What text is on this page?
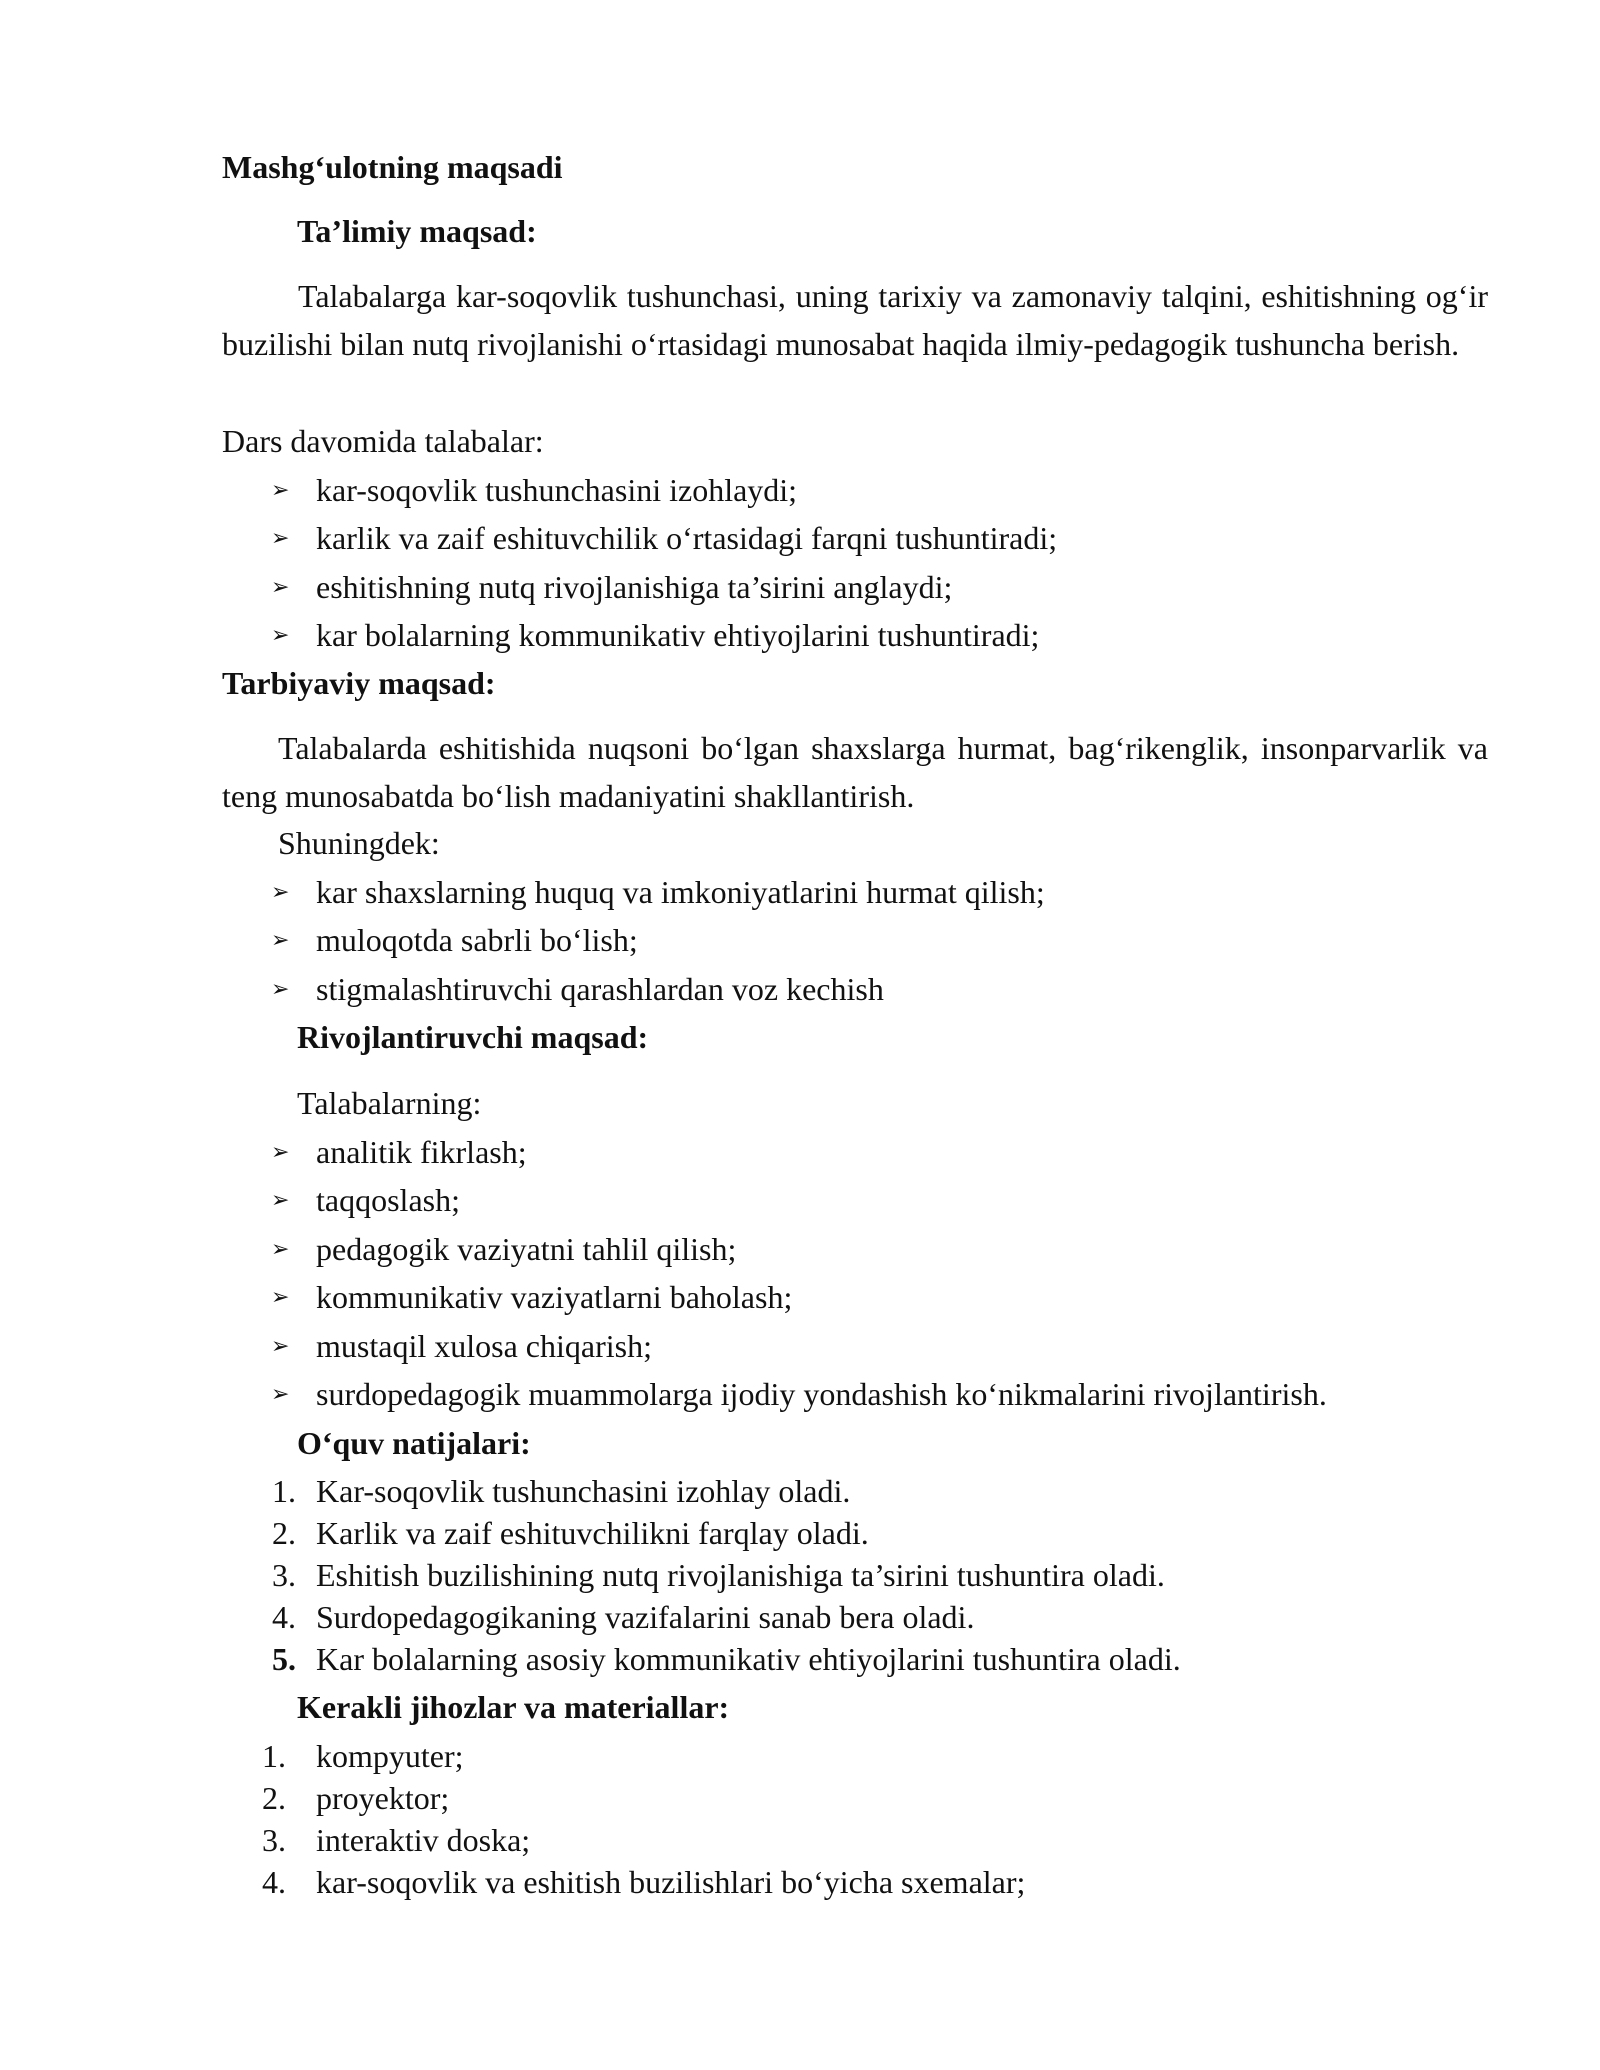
Mashg‘ulotning maqsadi
Ta’limiy maqsad:

Talabalarga kar-soqovlik tushunchasi, uning tarixiy va zamonaviy talqini, eshitishning og‘ir buzilishi bilan nutq rivojlanishi o‘rtasidagi munosabat haqida ilmiy-pedagogik tushuncha berish.

Dars davomida talabalar:
➢ kar-soqovlik tushunchasini izohlaydi;
➢ karlik va zaif eshituvchilik o‘rtasidagi farqni tushuntiradi;
➢ eshitishning nutq rivojlanishiga ta’sirini anglaydi;
➢ kar bolalarning kommunikativ ehtiyojlarini tushuntiradi;
Tarbiyaviy maqsad:

Talabalarda eshitishida nuqsoni bo‘lgan shaxslarga hurmat, bag‘rikenglik, insonparvarlik va teng munosabatda bo‘lish madaniyatini shakllantirish.

Shuningdek:
➢ kar shaxslarning huquq va imkoniyatlarini hurmat qilish;
➢ muloqotda sabrli bo‘lish;
➢ stigmalashtiruvchi qarashlardan voz kechish
Rivojlantiruvchi maqsad:
Talabalarning:
➢ analitik fikrlash;
➢ taqqoslash;
➢ pedagogik vaziyatni tahlil qilish;
➢ kommunikativ vaziyatlarni baholash;
➢ mustaqil xulosa chiqarish;
➢ surdopedagogik muammolarga ijodiy yondashish ko‘nikmalarini rivojlantirish.
O‘quv natijalari:
1. Kar-soqovlik tushunchasini izohlay oladi.
2. Karlik va zaif eshituvchilikni farqlay oladi.
3. Eshitish buzilishining nutq rivojlanishiga ta’sirini tushuntira oladi.
4. Surdopedagogikaning vazifalarini sanab bera oladi.
5. Kar bolalarning asosiy kommunikativ ehtiyojlarini tushuntira oladi.
Kerakli jihozlar va materiallar:
1. kompyuter;
2. proyektor;
3. interaktiv doska;
4. kar-soqovlik va eshitish buzilishlari bo‘yicha sxemalar;
